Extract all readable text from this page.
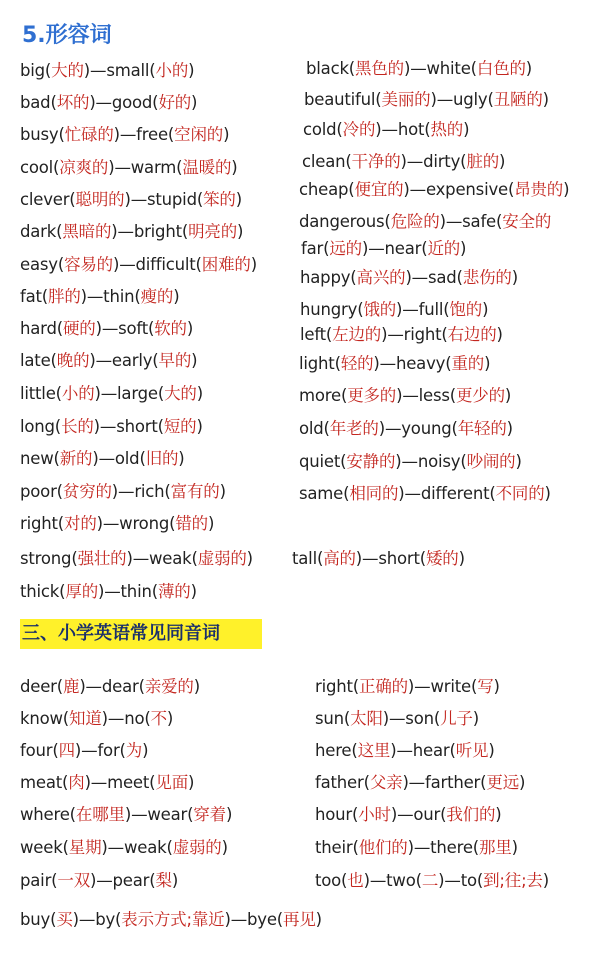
5.形容词
big(大的)—small(小的)
bad(坏的)—good(好的)
busy(忙碌的)—free(空闲的)
cool(凉爽的)—warm(温暖的)
clever(聪明的)—stupid(笨的)
dark(黑暗的)—bright(明亮的)
easy(容易的)—difficult(困难的)
fat(胖的)—thin(瘦的)
hard(硬的)—soft(软的)
late(晚的)—early(早的)
little(小的)—large(大的)
long(长的)—short(短的)
new(新的)—old(旧的)
poor(贫穷的)—rich(富有的)
right(对的)—wrong(错的)
strong(强壮的)—weak(虚弱的)
thick(厚的)—thin(薄的)
black(黑色的)—white(白色的)
beautiful(美丽的)—ugly(丑陋的)
cold(冷的)—hot(热的)
clean(干净的)—dirty(脏的)
cheap(便宜的)—expensive(昂贵的)
dangerous(危险的)—safe(安全的
far(远的)—near(近的)
happy(高兴的)—sad(悲伤的)
hungry(饿的)—full(饱的)
left(左边的)—right(右边的)
light(轻的)—heavy(重的)
more(更多的)—less(更少的)
old(年老的)—young(年轻的)
quiet(安静的)—noisy(吵闹的)
same(相同的)—different(不同的)
tall(高的)—short(矮的)
三、小学英语常见同音词
deer(鹿)—dear(亲爱的)
know(知道)—no(不)
four(四)—for(为)
meat(肉)—meet(见面)
where(在哪里)—wear(穿着)
week(星期)—weak(虚弱的)
pair(一双)—pear(梨)
right(正确的)—write(写)
sun(太阳)—son(儿子)
here(这里)—hear(听见)
father(父亲)—farther(更远)
hour(小时)—our(我们的)
their(他们的)—there(那里)
too(也)—two(二)—to(到;往;去)
buy(买)—by(表示方式;靠近)—bye(再见)
